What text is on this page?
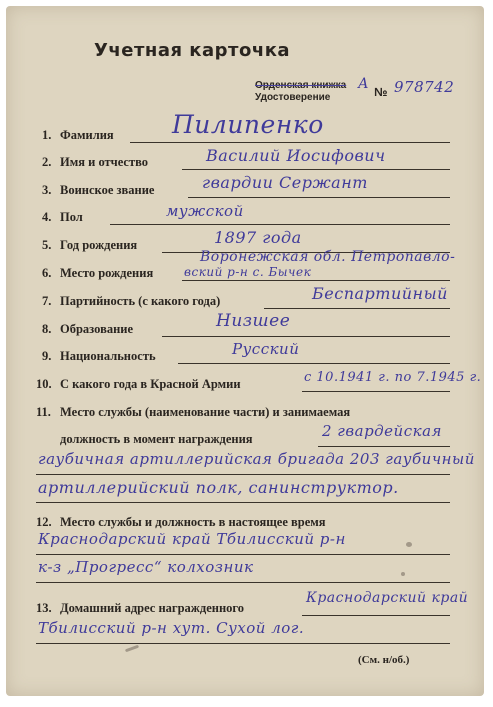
Учетная карточка
Орденская книжка
Удостоверение
А № 978742
1. Фамилия Пилипенко
2. Имя и отчество	Василий Иосифович
3. Воинское звание	гвардии Сержант
4. Пол	мужской
5. Год рождения	1897 года
6. Место рождения
Воронежская обл. Петропавло-
вский р-н с. Бычек
7. Партийность (с какого года)	Беспартийный
8. Образование	Низшее
9. Национальность	Русский
10. С какого года в Красной Армии	с 10.1941 г. по 7.1945 г.
11. Место службы (наименование части) и занимаемая
должность в момент награждения	2 гвардейская
гаубичная артиллерийская бригада 203 гаубичный
артиллерийский полк, санинструктор.
12. Место службы и должность в настоящее время
Краснодарский край Тбилисский р-н
к-з „Прогресс“ колхозник
13. Домашний адрес награжденного
Краснодарский край
Тбилисский р-н хут. Сухой лог.
(См. н/об.)
